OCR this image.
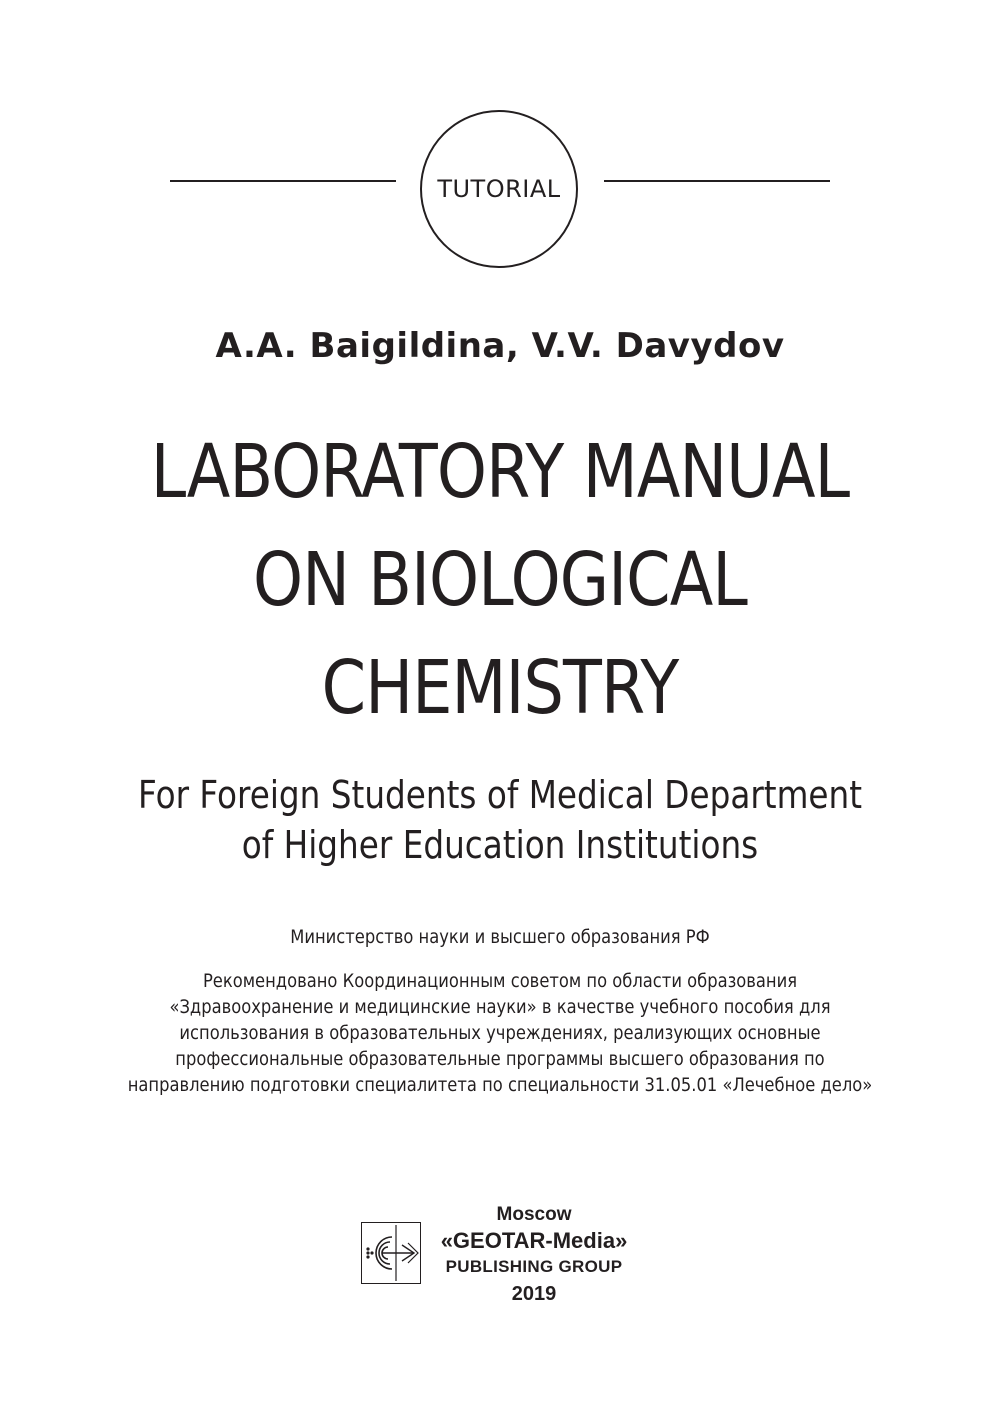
TUTORIAL
A.A. Baigildina, V.V. Davydov
LABORATORY MANUAL
ON BIOLOGICAL
CHEMISTRY
For Foreign Students of Medical Department
of Higher Education Institutions
Министерство науки и высшего образования РФ
Рекомендовано Координационным советом по области образования
«Здравоохранение и медицинские науки» в качестве учебного пособия для
использования в образовательных учреждениях, реализующих основные
профессиональные образовательные программы высшего образования по
направлению подготовки специалитета по специальности 31.05.01 «Лечебное дело»
Moscow
«GEOTAR-Media»
PUBLISHING GROUP
2019
